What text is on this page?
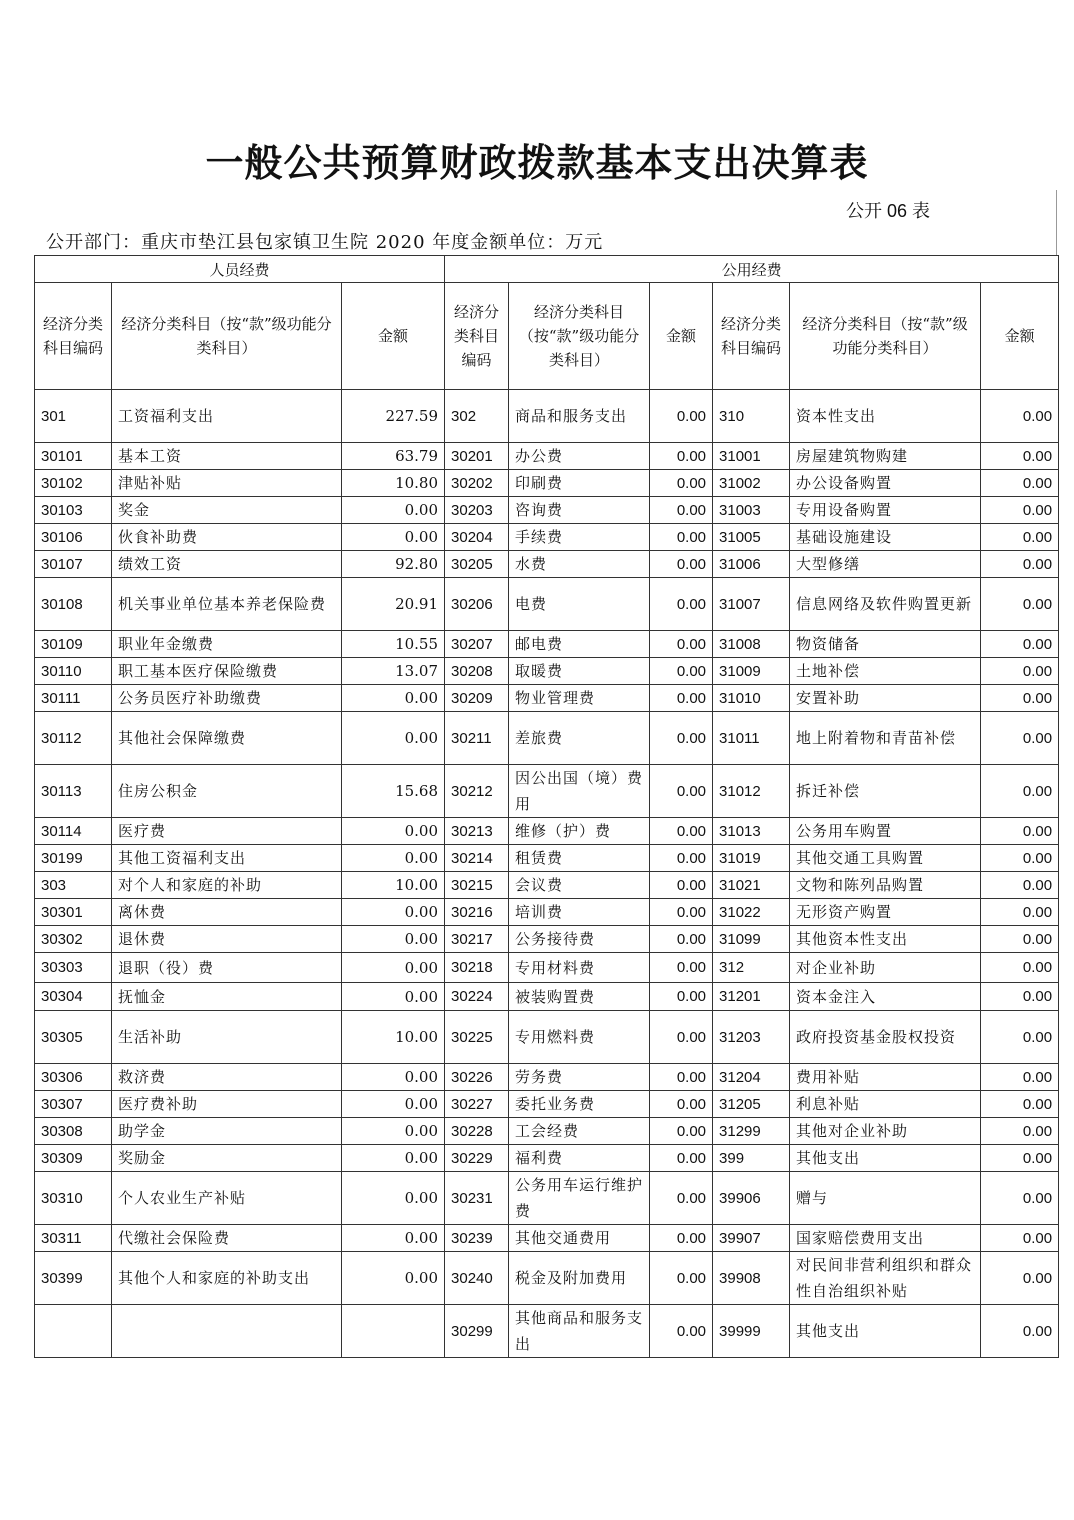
一般公共预算财政拨款基本支出决算表
公开 06 表
公开部门：重庆市垫江县包家镇卫生院 2020 年度金额单位：万元
人员经费			公用经费					
经济分类科目编码	经济分类科目（按“款”级功能分类科目）	金额	经济分类科目编码	经济分类科目（按“款”级功能分类科目）	金额	经济分类科目编码	经济分类科目（按“款”级功能分类科目）	金额
301	工资福利支出	227.59	302	商品和服务支出	0.00	310	资本性支出	0.00
30101	基本工资	63.79	30201	办公费	0.00	31001	房屋建筑物购建	0.00
30102	津贴补贴	10.80	30202	印刷费	0.00	31002	办公设备购置	0.00
30103	奖金	0.00	30203	咨询费	0.00	31003	专用设备购置	0.00
30106	伙食补助费	0.00	30204	手续费	0.00	31005	基础设施建设	0.00
30107	绩效工资	92.80	30205	水费	0.00	31006	大型修缮	0.00
30108	机关事业单位基本养老保险费	20.91	30206	电费	0.00	31007	信息网络及软件购置更新	0.00
30109	职业年金缴费	10.55	30207	邮电费	0.00	31008	物资储备	0.00
30110	职工基本医疗保险缴费	13.07	30208	取暖费	0.00	31009	土地补偿	0.00
30111	公务员医疗补助缴费	0.00	30209	物业管理费	0.00	31010	安置补助	0.00
30112	其他社会保障缴费	0.00	30211	差旅费	0.00	31011	地上附着物和青苗补偿	0.00
30113	住房公积金	15.68	30212	因公出国（境）费用	0.00	31012	拆迁补偿	0.00
30114	医疗费	0.00	30213	维修（护）费	0.00	31013	公务用车购置	0.00
30199	其他工资福利支出	0.00	30214	租赁费	0.00	31019	其他交通工具购置	0.00
303	对个人和家庭的补助	10.00	30215	会议费	0.00	31021	文物和陈列品购置	0.00
30301	离休费	0.00	30216	培训费	0.00	31022	无形资产购置	0.00
30302	退休费	0.00	30217	公务接待费	0.00	31099	其他资本性支出	0.00
30303	退职（役）费	0.00	30218	专用材料费	0.00	312	对企业补助	0.00
30304	抚恤金	0.00	30224	被装购置费	0.00	31201	资本金注入	0.00
30305	生活补助	10.00	30225	专用燃料费	0.00	31203	政府投资基金股权投资	0.00
30306	救济费	0.00	30226	劳务费	0.00	31204	费用补贴	0.00
30307	医疗费补助	0.00	30227	委托业务费	0.00	31205	利息补贴	0.00
30308	助学金	0.00	30228	工会经费	0.00	31299	其他对企业补助	0.00
30309	奖励金	0.00	30229	福利费	0.00	399	其他支出	0.00
30310	个人农业生产补贴	0.00	30231	公务用车运行维护费	0.00	39906	赠与	0.00
30311	代缴社会保险费	0.00	30239	其他交通费用	0.00	39907	国家赔偿费用支出	0.00
30399	其他个人和家庭的补助支出	0.00	30240	税金及附加费用	0.00	39908	对民间非营利组织和群众性自治组织补贴	0.00
			30299	其他商品和服务支出	0.00	39999	其他支出	0.00
